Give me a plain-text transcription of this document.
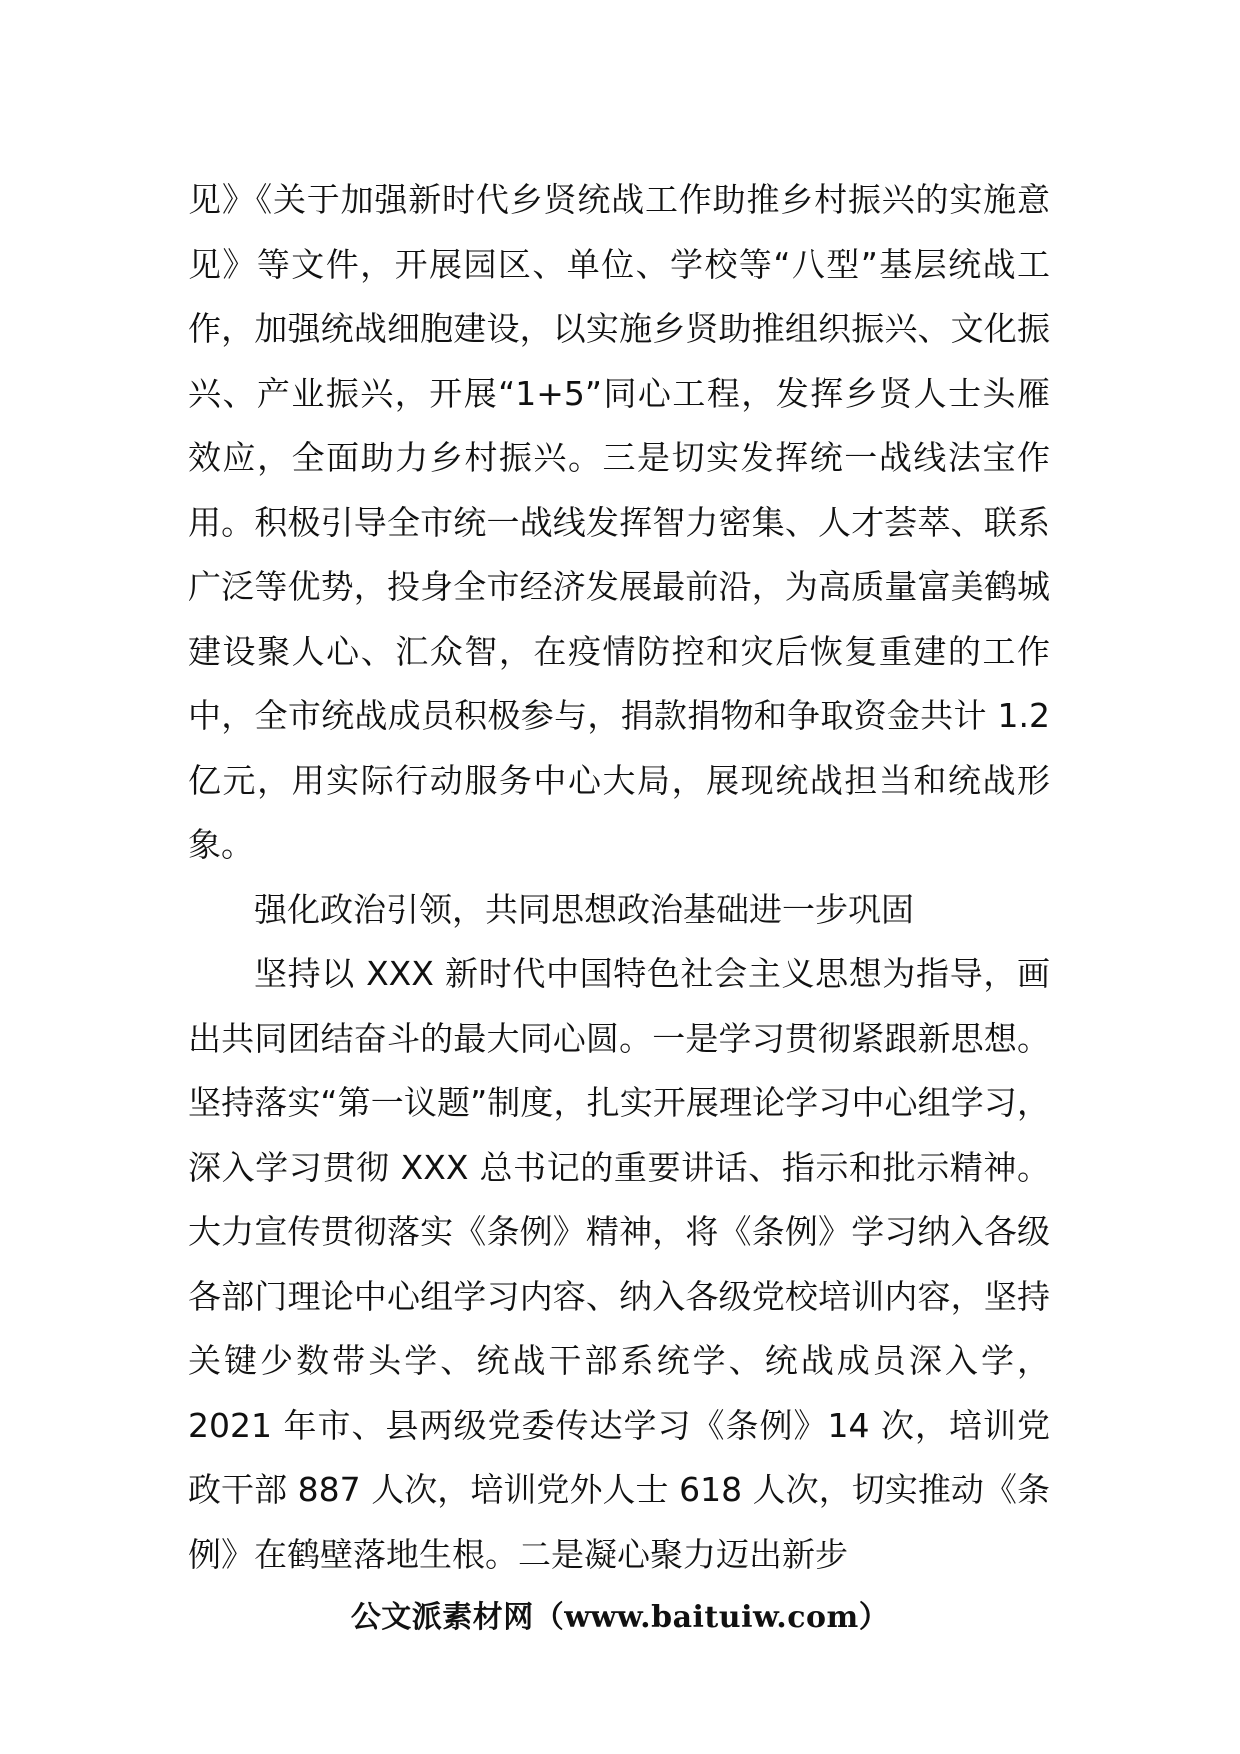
见》《关于加强新时代乡贤统战工作助推乡村振兴的实施意见》等文件，开展园区、单位、学校等“八型”基层统战工作，加强统战细胞建设，以实施乡贤助推组织振兴、文化振兴、产业振兴，开展“1+5”同心工程，发挥乡贤人士头雁效应，全面助力乡村振兴。三是切实发挥统一战线法宝作用。积极引导全市统一战线发挥智力密集、人才荟萃、联系广泛等优势，投身全市经济发展最前沿，为高质量富美鹤城建设聚人心、汇众智，在疫情防控和灾后恢复重建的工作中，全市统战成员积极参与，捐款捐物和争取资金共计 1.2 亿元，用实际行动服务中心大局，展现统战担当和统战形象。

强化政治引领，共同思想政治基础进一步巩固

坚持以 XXX 新时代中国特色社会主义思想为指导，画出共同团结奋斗的最大同心圆。一是学习贯彻紧跟新思想。坚持落实“第一议题”制度，扎实开展理论学习中心组学习，深入学习贯彻 XXX 总书记的重要讲话、指示和批示精神。大力宣传贯彻落实《条例》精神，将《条例》学习纳入各级各部门理论中心组学习内容、纳入各级党校培训内容，坚持关键少数带头学、统战干部系统学、统战成员深入学，2021 年市、县两级党委传达学习《条例》14 次，培训党政干部 887 人次，培训党外人士 618 人次，切实推动《条例》在鹤壁落地生根。二是凝心聚力迈出新步

公文派素材网（www.baituiw.com）
